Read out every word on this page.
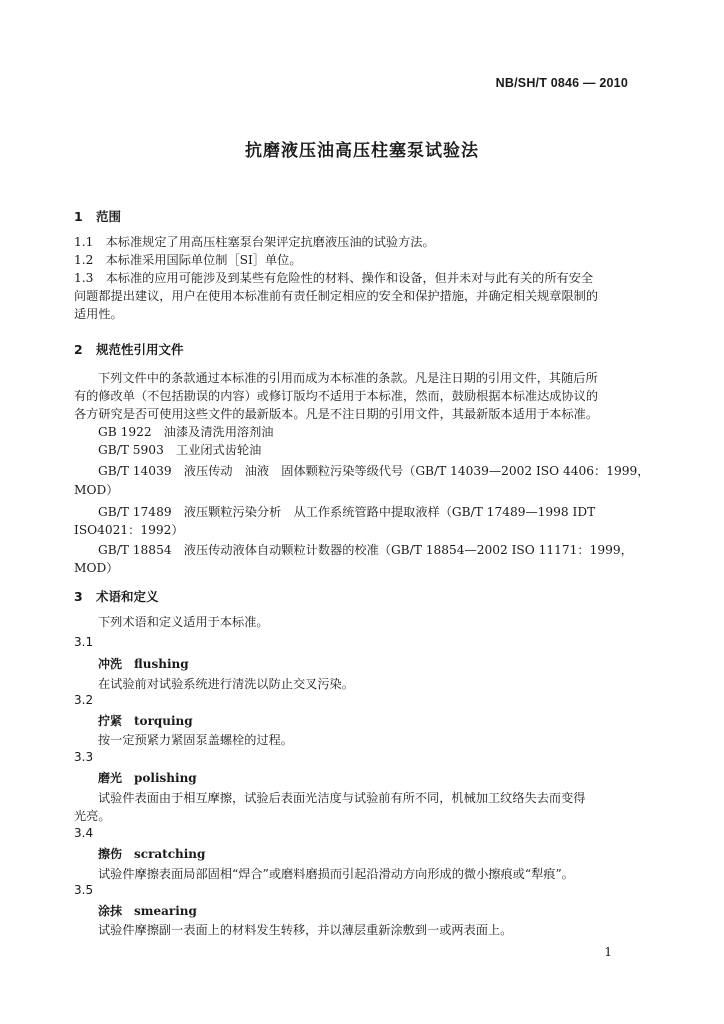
NB/SH/T 0846 — 2010
抗磨液压油高压柱塞泵试验法
1 范围
1.1　本标准规定了用高压柱塞泵台架评定抗磨液压油的试验方法。
1.2　本标准采用国际单位制［SI］单位。
1.3　本标准的应用可能涉及到某些有危险性的材料、操作和设备，但并未对与此有关的所有安全
问题都提出建议，用户在使用本标准前有责任制定相应的安全和保护措施，并确定相关规章限制的
适用性。
2 规范性引用文件
下列文件中的条款通过本标准的引用而成为本标准的条款。凡是注日期的引用文件，其随后所
有的修改单（不包括勘误的内容）或修订版均不适用于本标准，然而，鼓励根据本标准达成协议的
各方研究是否可使用这些文件的最新版本。凡是不注日期的引用文件，其最新版本适用于本标准。
GB 1922　油漆及清洗用溶剂油
GB/T 5903　工业闭式齿轮油
GB/T 14039　液压传动　油液　固体颗粒污染等级代号（GB/T 14039—2002 ISO 4406：1999，
MOD）
GB/T 17489　液压颗粒污染分析　从工作系统管路中提取液样（GB/T 17489—1998 IDT
ISO4021：1992）
GB/T 18854　液压传动液体自动颗粒计数器的校准（GB/T 18854—2002 ISO 11171：1999，
MOD）
3 术语和定义
下列术语和定义适用于本标准。
3.1
冲洗 flushing
在试验前对试验系统进行清洗以防止交叉污染。
3.2
拧紧 torquing
按一定预紧力紧固泵盖螺栓的过程。
3.3
磨光 polishing
试验件表面由于相互摩擦，试验后表面光洁度与试验前有所不同，机械加工纹络失去而变得
光亮。
3.4
擦伤 scratching
试验件摩擦表面局部固相“焊合”或磨料磨损而引起沿滑动方向形成的微小擦痕或“犁痕”。
3.5
涂抹 smearing
试验件摩擦副一表面上的材料发生转移，并以薄层重新涂敷到一或两表面上。
1
